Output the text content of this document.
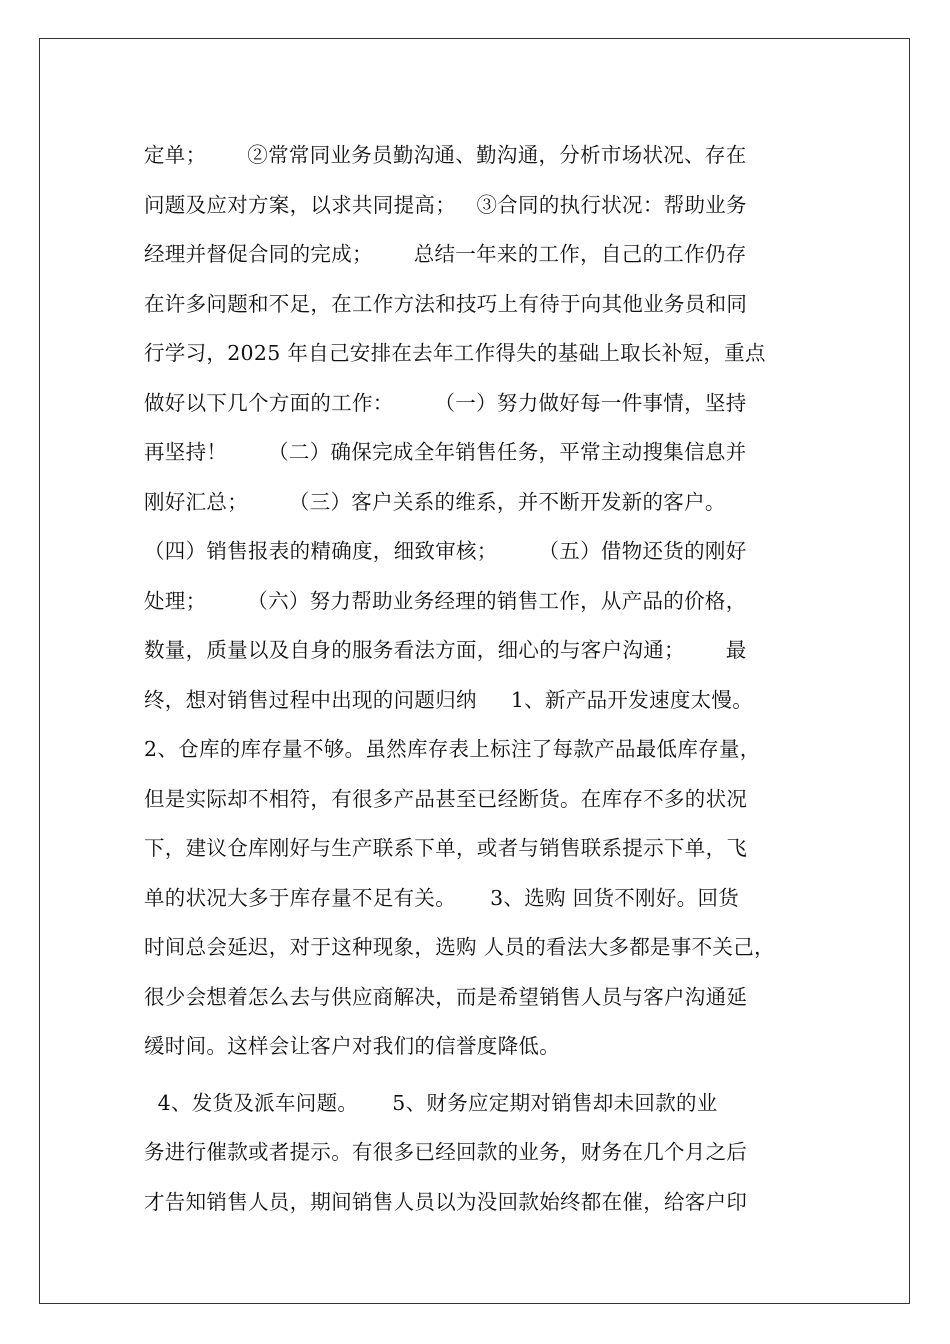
定单；      ②常常同业务员勤沟通、勤沟通，分析市场状况、存在
问题及应对方案，以求共同提高；   ③合同的执行状况：帮助业务
经理并督促合同的完成；      总结一年来的工作，自己的工作仍存
在许多问题和不足，在工作方法和技巧上有待于向其他业务员和同
行学习，2025 年自己安排在去年工作得失的基础上取长补短，重点
做好以下几个方面的工作：      （一）努力做好每一件事情，坚持
再坚持！      （二）确保完成全年销售任务，平常主动搜集信息并
刚好汇总；      （三）客户关系的维系，并不断开发新的客户。
（四）销售报表的精确度，细致审核；      （五）借物还货的刚好
处理；      （六）努力帮助业务经理的销售工作，从产品的价格，
数量，质量以及自身的服务看法方面，细心的与客户沟通；      最
终，想对销售过程中出现的问题归纳     1、新产品开发速度太慢。
2、仓库的库存量不够。虽然库存表上标注了每款产品最低库存量，
但是实际却不相符，有很多产品甚至已经断货。在库存不多的状况
下，建议仓库刚好与生产联系下单，或者与销售联系提示下单，飞
单的状况大多于库存量不足有关。     3、选购 回货不刚好。回货
时间总会延迟，对于这种现象，选购 人员的看法大多都是事不关己，
很少会想着怎么去与供应商解决，而是希望销售人员与客户沟通延
缓时间。这样会让客户对我们的信誉度降低。
4、发货及派车问题。     5、财务应定期对销售却未回款的业
务进行催款或者提示。有很多已经回款的业务，财务在几个月之后
才告知销售人员，期间销售人员以为没回款始终都在催，给客户印
